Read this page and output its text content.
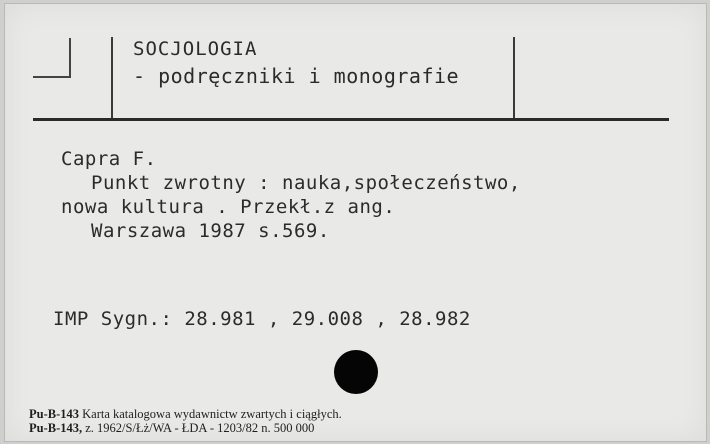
SOCJOLOGIA
- podręczniki i monografie
Capra F.
Punkt zwrotny : nauka,społeczeństwo,
nowa kultura . Przekł.z ang.
Warszawa 1987 s.569.
IMP Sygn.: 28.981 , 29.008 , 28.982
Pu-B-143 Karta katalogowa wydawnictw zwartych i ciągłych.
Pu-B-143, z. 1962/S/Łż/WA - ŁDA - 1203/82 n. 500 000
